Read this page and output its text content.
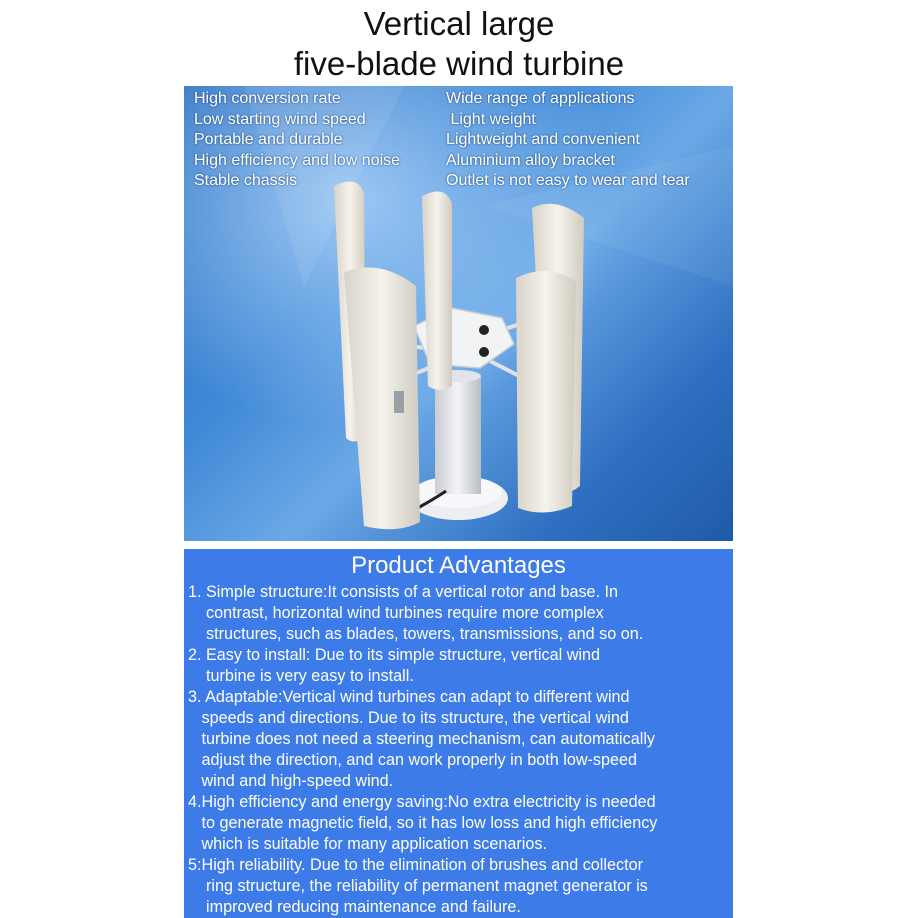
Vertical large
five-blade wind turbine
High conversion rate
Low starting wind speed
Portable and durable
High efficiency and low noise
Stable chassis
Wide range of applications
Light weight
Lightweight and convenient
Aluminium alloy bracket
Outlet is not easy to wear and tear
Product Advantages
1. Simple structure:It consists of a vertical rotor and base. In
contrast, horizontal wind turbines require more complex
structures, such as blades, towers, transmissions, and so on.
2. Easy to install: Due to its simple structure, vertical wind
turbine is very easy to install.
3. Adaptable:Vertical wind turbines can adapt to different wind
speeds and directions. Due to its structure, the vertical wind
turbine does not need a steering mechanism, can automatically
adjust the direction, and can work properly in both low-speed
wind and high-speed wind.
4.High efficiency and energy saving:No extra electricity is needed
to generate magnetic field, so it has low loss and high efficiency
which is suitable for many application scenarios.
5:High reliability. Due to the elimination of brushes and collector
ring structure, the reliability of permanent magnet generator is
improved reducing maintenance and failure.
